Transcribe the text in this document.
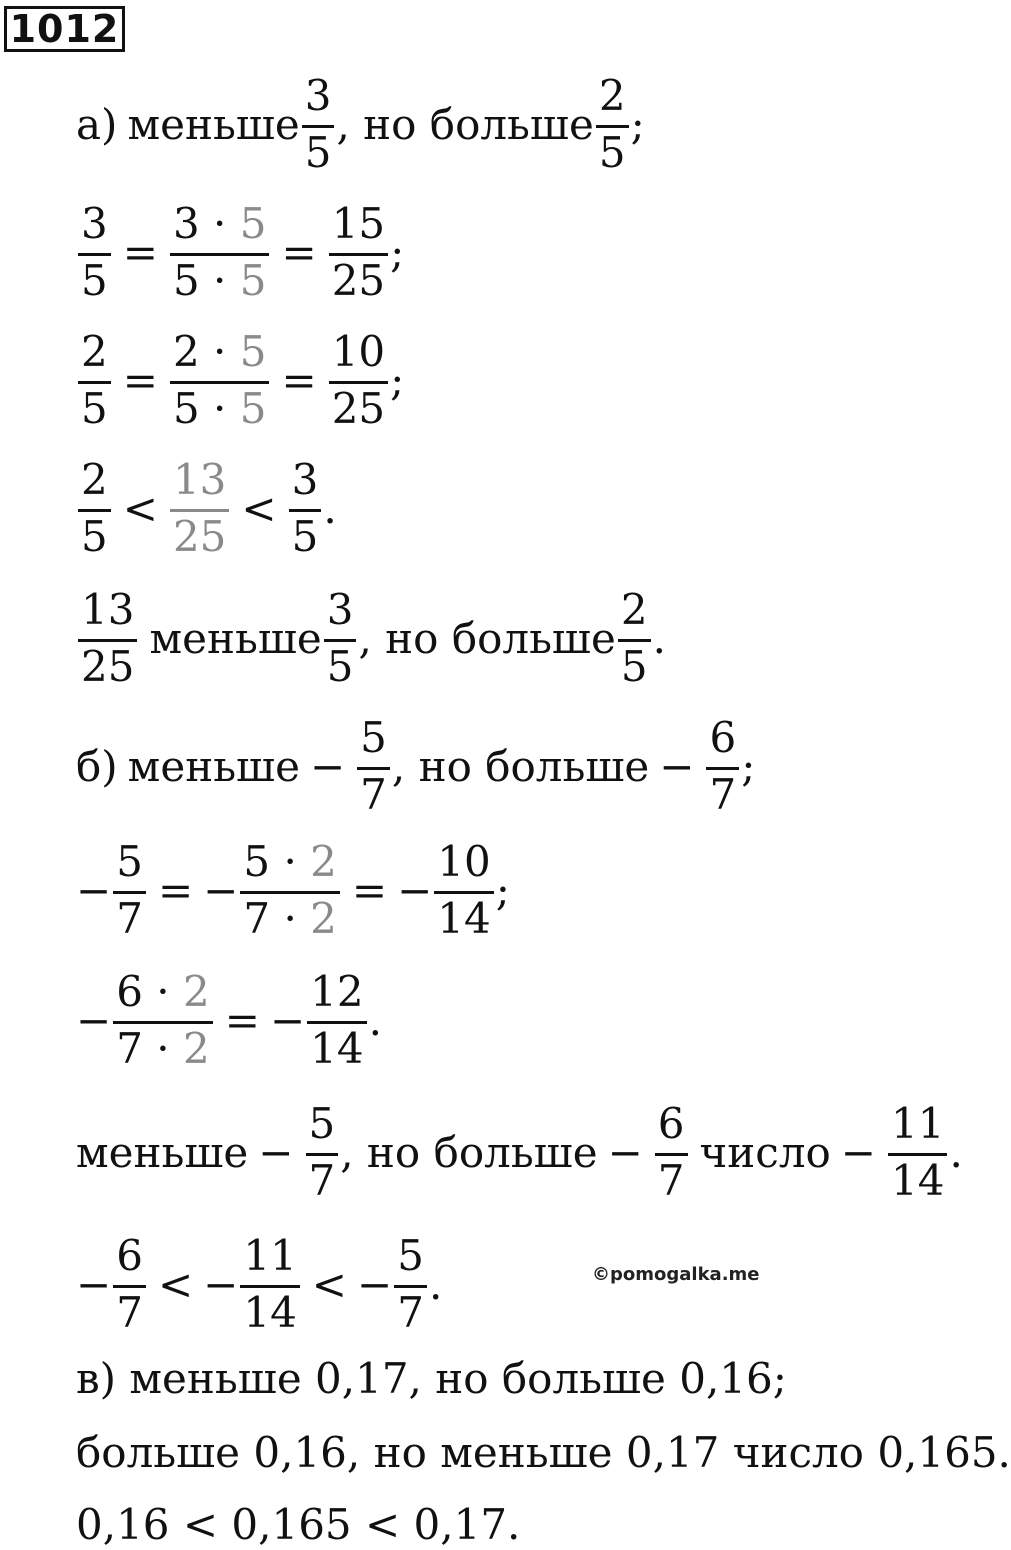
1012
а) меньше $\frac{3}{5}$ , но больше $\frac{2}{5}$ ;
$\frac{3}{5} = \frac{3 \cdot 5}{5 \cdot 5} = \frac{15}{25}$ ;
$\frac{2}{5} = \frac{2 \cdot 5}{5 \cdot 5} = \frac{10}{25}$ ;
$\frac{2}{5} < \frac{13}{25} < \frac{3}{5}$ .
$\frac{13}{25}$ меньше $\frac{3}{5}$ , но больше $\frac{2}{5}$ .
б) меньше − $\frac{5}{7}$ , но больше − $\frac{6}{7}$ ;
− $\frac{5}{7}$ = − $\frac{5 \cdot 2}{7 \cdot 2}$ = − $\frac{10}{14}$ ;
− $\frac{6 \cdot 2}{7 \cdot 2}$ = − $\frac{12}{14}$ .
меньше − $\frac{5}{7}$ , но больше − $\frac{6}{7}$ число − $\frac{11}{14}$ .
− $\frac{6}{7}$ < − $\frac{11}{14}$ < − $\frac{5}{7}$ .	©pomogalka.me
в) меньше 0,17, но больше 0,16;
больше 0,16, но меньше 0,17 число 0,165.
0,16 < 0,165 < 0,17.
